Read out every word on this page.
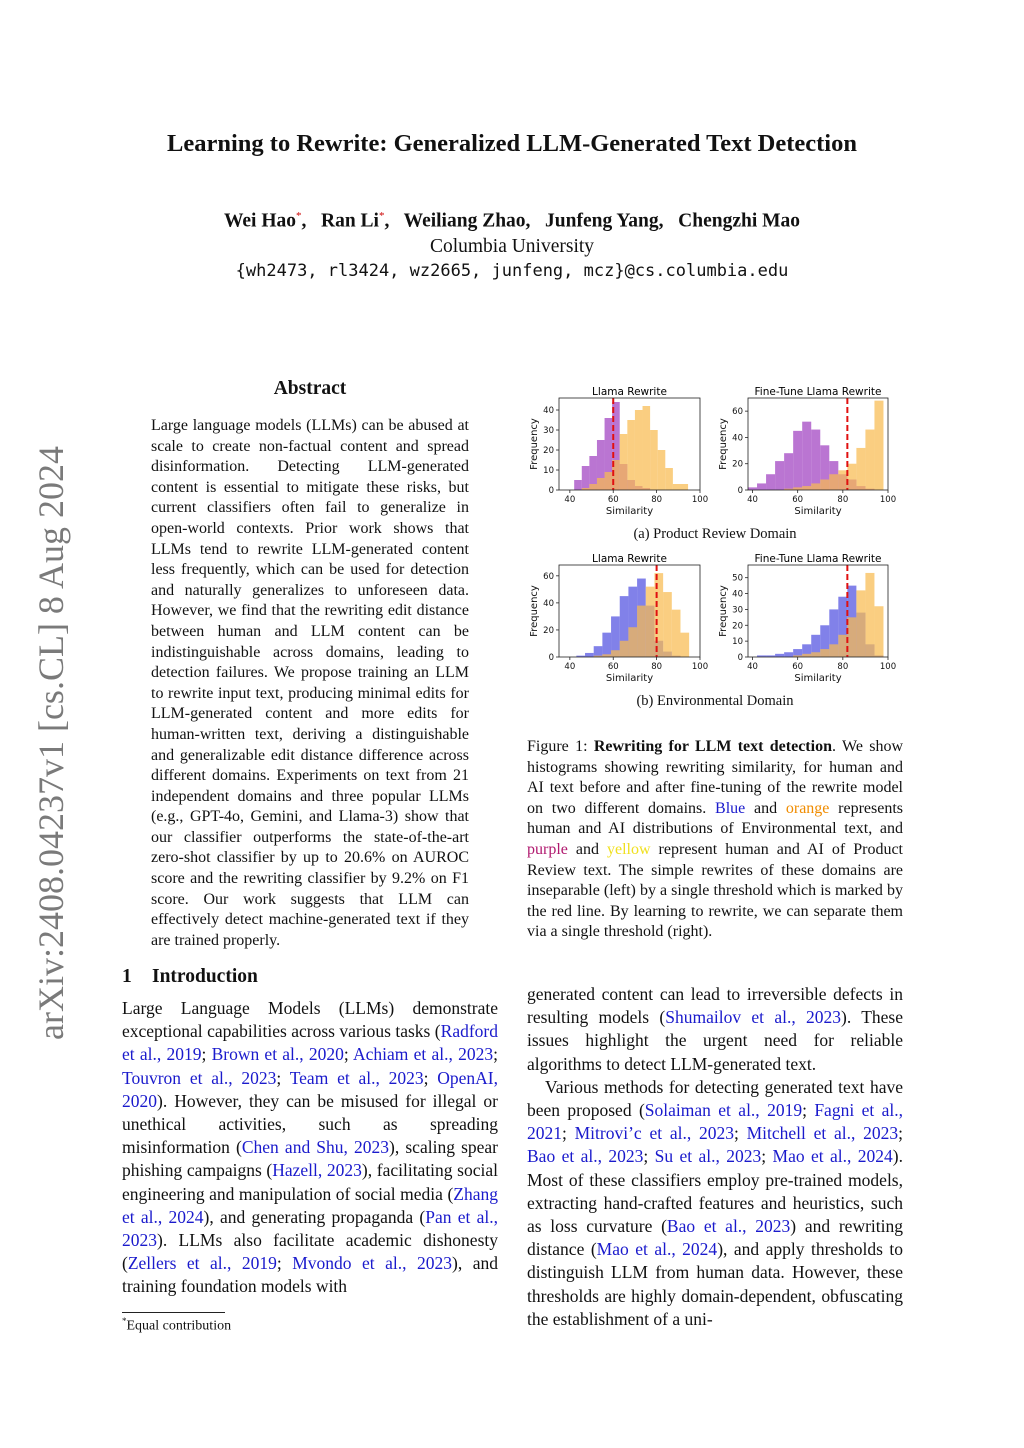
Learning to Rewrite: Generalized LLM-Generated Text Detection
Wei Hao*,   Ran Li*,   Weiliang Zhao,   Junfeng Yang,   Chengzhi Mao
Columbia University
{wh2473, rl3424, wz2665, junfeng, mcz}@cs.columbia.edu
arXiv:2408.04237v1 [cs.CL] 8 Aug 2024
Abstract
Large language models (LLMs) can be abused at scale to create non-factual content and spread disinformation. Detecting LLM-generated content is essential to mitigate these risks, but current classifiers often fail to generalize in open-world contexts. Prior work shows that LLMs tend to rewrite LLM-generated content less frequently, which can be used for detection and naturally generalizes to unforeseen data. However, we find that the rewriting edit distance between human and LLM content can be indistinguishable across domains, leading to detection failures. We propose training an LLM to rewrite input text, producing minimal edits for LLM-generated content and more edits for human-written text, deriving a distinguishable and generalizable edit distance difference across different domains. Experiments on text from 21 independent domains and three popular LLMs (e.g., GPT-4o, Gemini, and Llama-3) show that our classifier outperforms the state-of-the-art zero-shot classifier by up to 20.6% on AUROC score and the rewriting classifier by 9.2% on F1 score. Our work suggests that LLM can effectively detect machine-generated text if they are trained properly.
1 Introduction
Large Language Models (LLMs) demonstrate exceptional capabilities across various tasks (Radford et al., 2019; Brown et al., 2020; Achiam et al., 2023; Touvron et al., 2023; Team et al., 2023; OpenAI, 2020). However, they can be misused for illegal or unethical activities, such as spreading misinformation (Chen and Shu, 2023), scaling spear phishing campaigns (Hazell, 2023), facilitating social engineering and manipulation of social media (Zhang et al., 2024), and generating propaganda (Pan et al., 2023). LLMs also facilitate academic dishonesty (Zellers et al., 2019; Mvondo et al., 2023), and training foundation models with
*Equal contribution
Llama Rewrite
40	60	80	100
0
10
20
30
40
Similarity
Frequency
Fine-Tune Llama Rewrite
40	60	80	100
0
20
40
60
Similarity
Frequency
Llama Rewrite
40	60	80	100
0
20
40
60
Similarity
Frequency
Fine-Tune Llama Rewrite
40	60	80	100
0
10
20
30
40
50
Similarity
Frequency
(a) Product Review Domain
(b) Environmental Domain
Figure 1: Rewriting for LLM text detection. We show histograms showing rewriting similarity, for human and AI text before and after fine-tuning of the rewrite model on two different domains. Blue and orange represents human and AI distributions of Environmental text, and purple and yellow represent human and AI of Product Review text. The simple rewrites of these domains are inseparable (left) by a single threshold which is marked by the red line. By learning to rewrite, we can separate them via a single threshold (right).

generated content can lead to irreversible defects in resulting models (Shumailov et al., 2023). These issues highlight the urgent need for reliable algorithms to detect LLM-generated text.

Various methods for detecting generated text have been proposed (Solaiman et al., 2019; Fagni et al., 2021; Mitrovi’c et al., 2023; Mitchell et al., 2023; Bao et al., 2023; Su et al., 2023; Mao et al., 2024). Most of these classifiers employ pre-trained models, extracting hand-crafted features and heuristics, such as loss curvature (Bao et al., 2023) and rewriting distance (Mao et al., 2024), and apply thresholds to distinguish LLM from human data. However, these thresholds are highly domain-dependent, obfuscating the establishment of a uni-
